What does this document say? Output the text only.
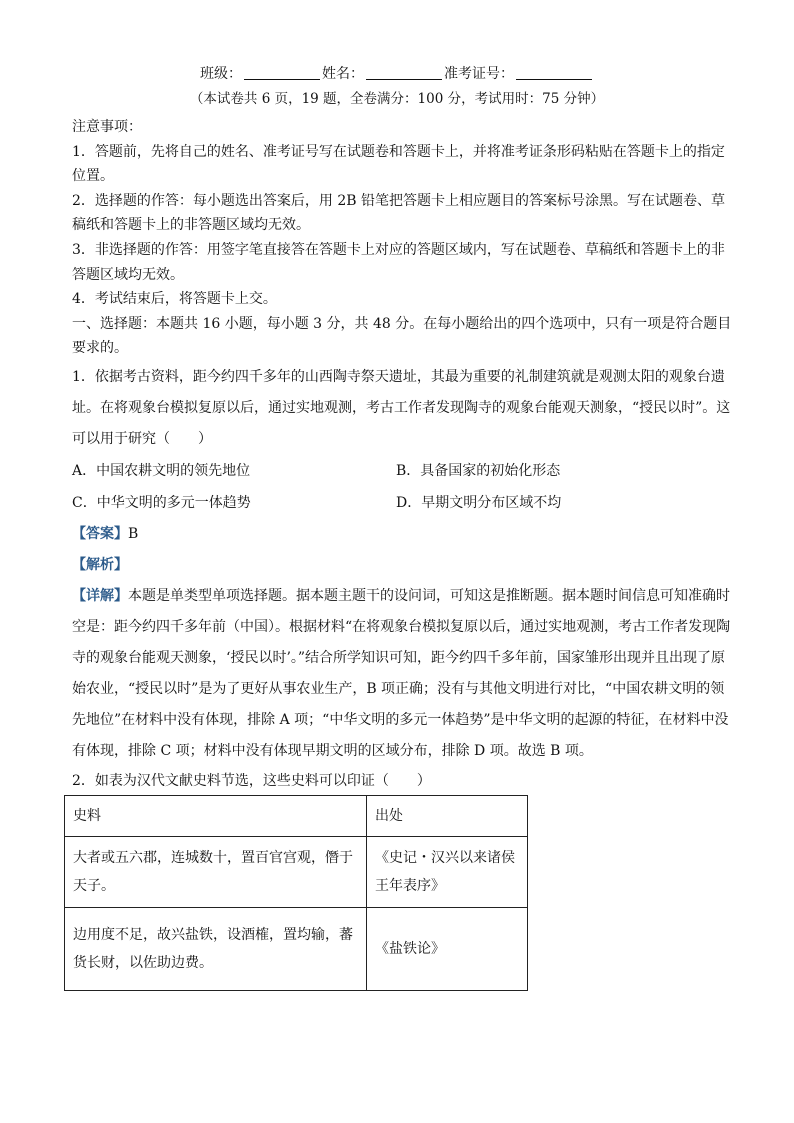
班级：	姓名：	准考证号：
（本试卷共 6 页，19 题，全卷满分：100 分，考试用时：75 分钟）

注意事项：

1．答题前，先将自己的姓名、准考证号写在试题卷和答题卡上，并将准考证条形码粘贴在答题卡上的指定位置。

2．选择题的作答：每小题选出答案后，用 2B 铅笔把答题卡上相应题目的答案标号涂黑。写在试题卷、草稿纸和答题卡上的非答题区域均无效。

3．非选择题的作答：用签字笔直接答在答题卡上对应的答题区域内，写在试题卷、草稿纸和答题卡上的非答题区域均无效。

4．考试结束后，将答题卡上交。

一、选择题：本题共 16 小题，每小题 3 分，共 48 分。在每小题给出的四个选项中，只有一项是符合题目要求的。

1．依据考古资料，距今约四千多年的山西陶寺祭天遗址，其最为重要的礼制建筑就是观测太阳的观象台遗址。在将观象台模拟复原以后，通过实地观测，考古工作者发现陶寺的观象台能观天测象，“授民以时”。这可以用于研究（　　）

A．中国农耕文明的领先地位	B．具备国家的初始化形态
C．中华文明的多元一体趋势	D．早期文明分布区域不均

【答案】B

【解析】

【详解】本题是单类型单项选择题。据本题主题干的设问词，可知这是推断题。据本题时间信息可知准确时空是：距今约四千多年前（中国）。根据材料“在将观象台模拟复原以后，通过实地观测，考古工作者发现陶寺的观象台能观天测象，‘授民以时’。”结合所学知识可知，距今约四千多年前，国家雏形出现并且出现了原始农业，“授民以时”是为了更好从事农业生产，B 项正确；没有与其他文明进行对比，“中国农耕文明的领先地位”在材料中没有体现，排除 A 项；“中华文明的多元一体趋势”是中华文明的起源的特征，在材料中没有体现，排除 C 项；材料中没有体现早期文明的区域分布，排除 D 项。故选 B 项。

2．如表为汉代文献史料节选，这些史料可以印证（　　）

史料	出处
大者或五六郡，连城数十，置百官宫观，僭于天子。	《史记・汉兴以来诸侯王年表序》
边用度不足，故兴盐铁，设酒榷，置均输，蕃货长财，以佐助边费。	《盐铁论》
